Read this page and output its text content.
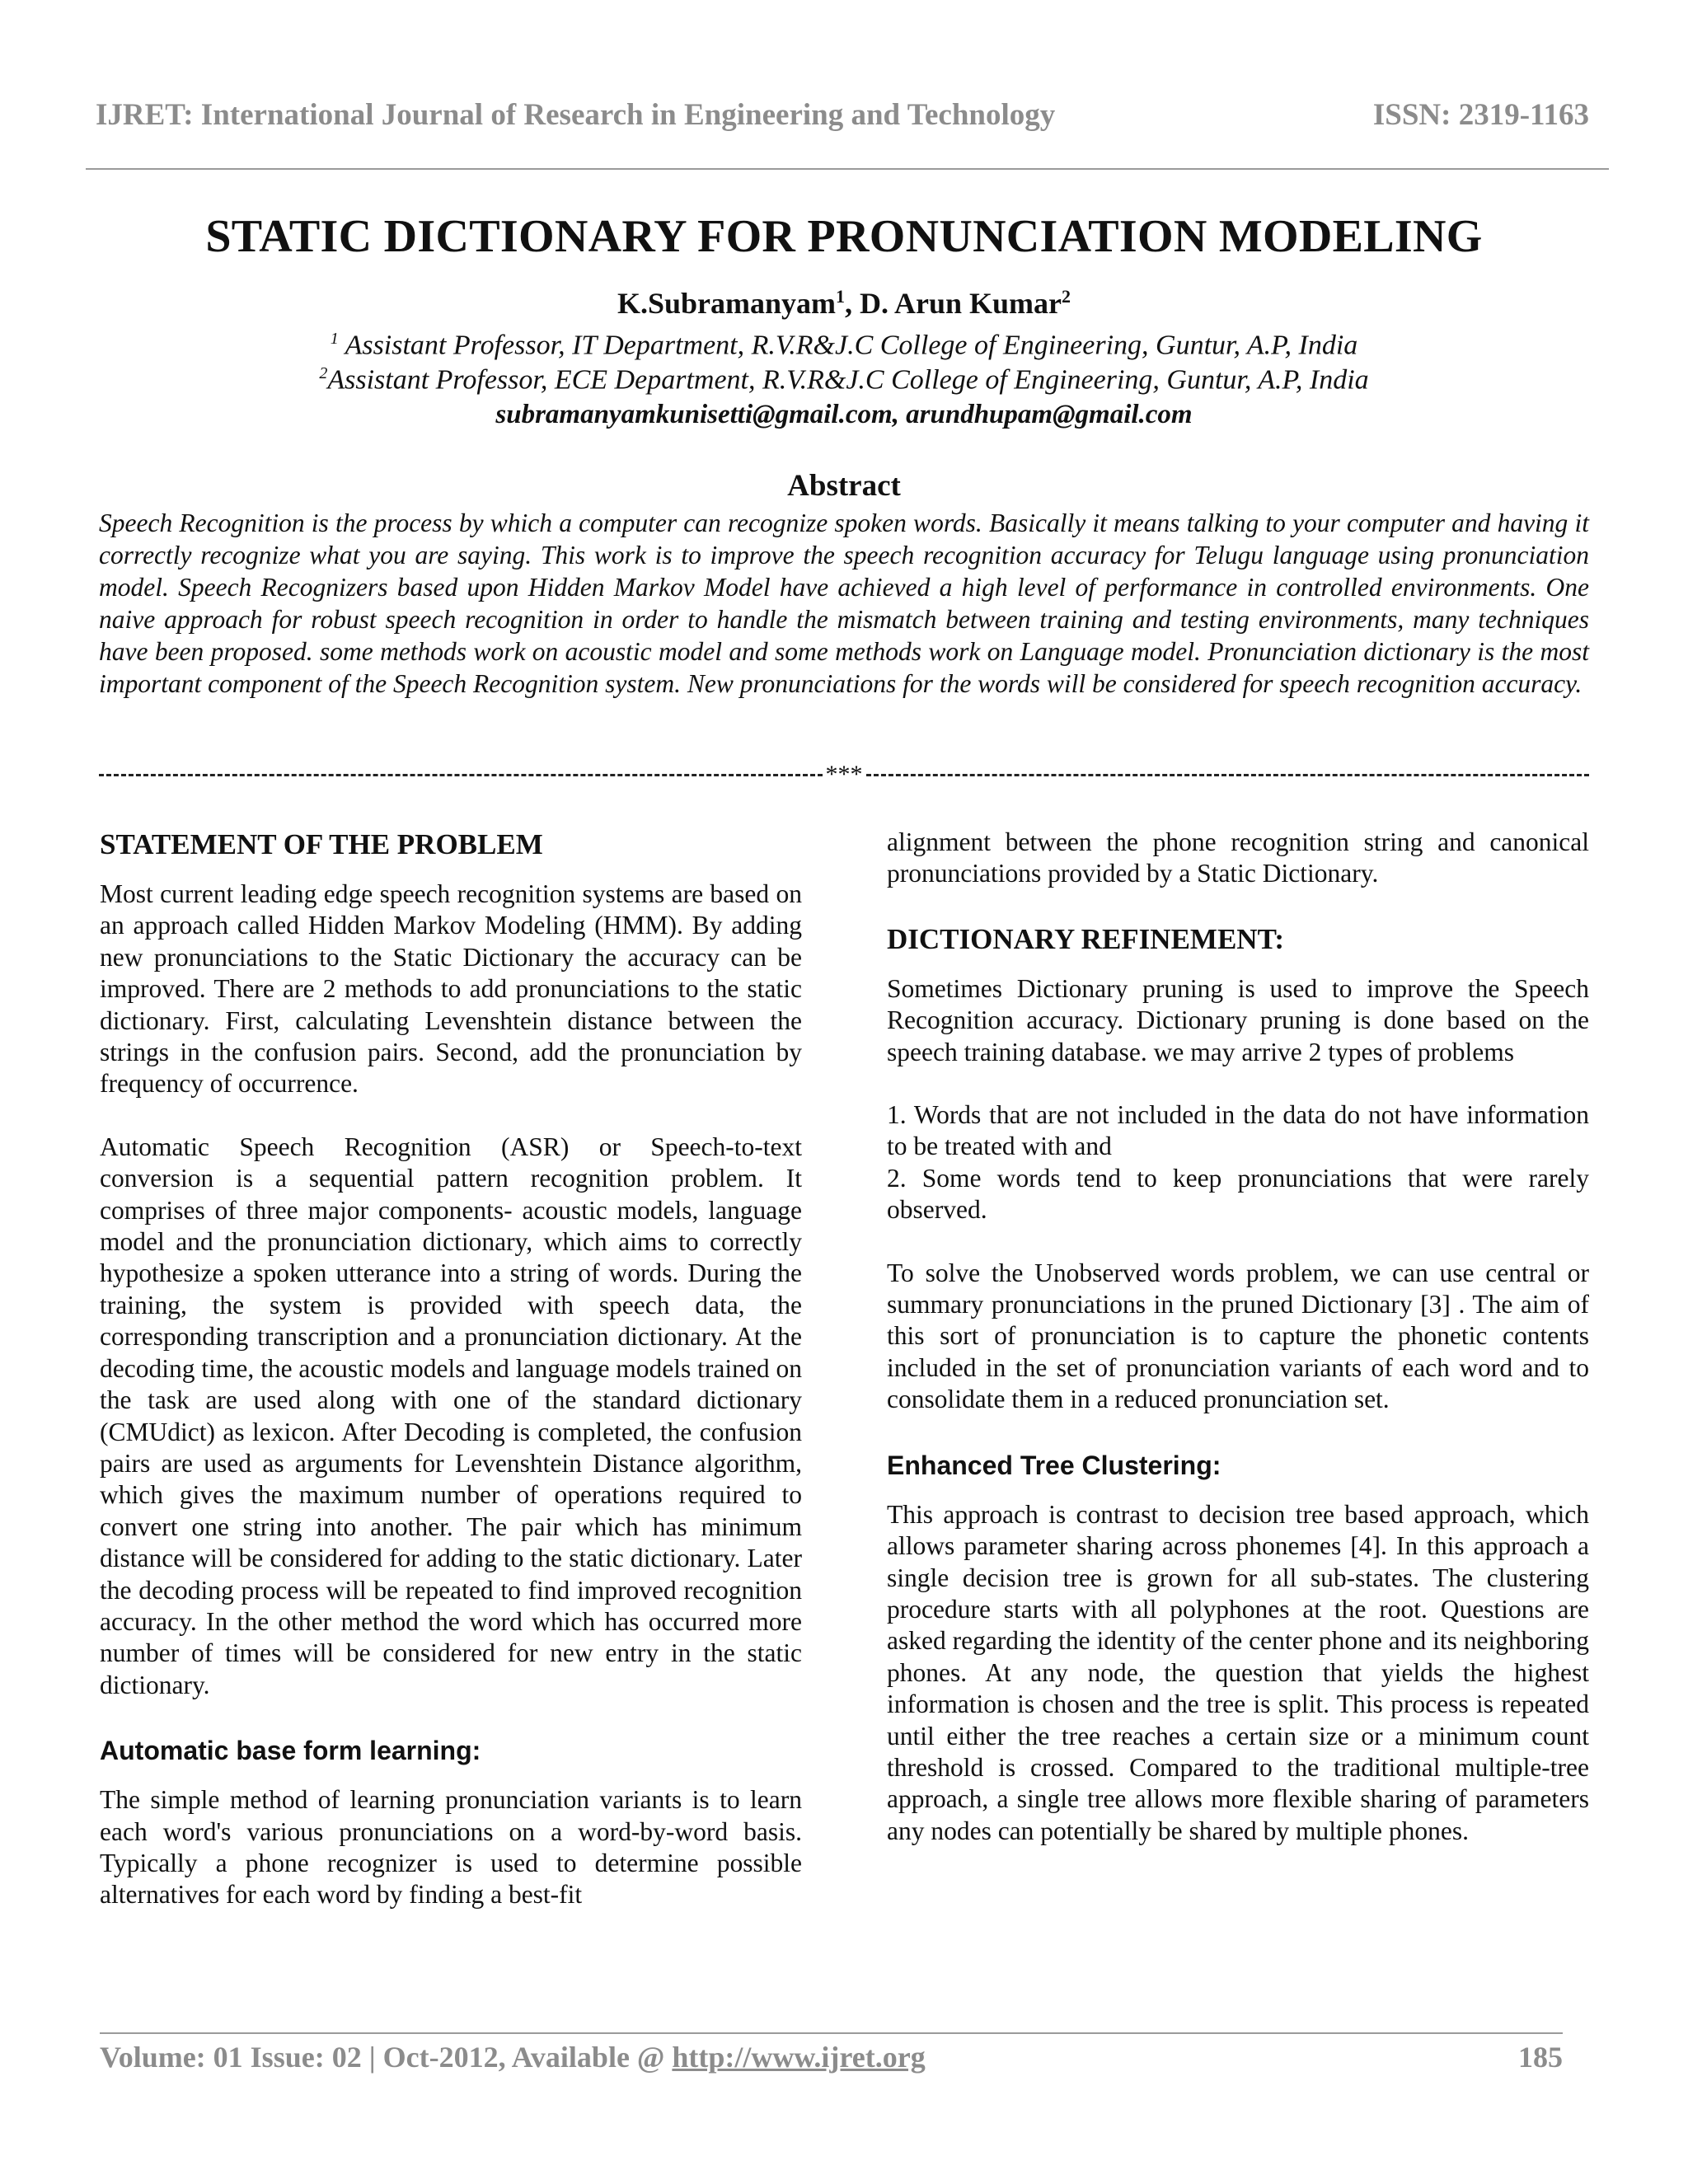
IJRET: International Journal of Research in Engineering and Technology	ISSN: 2319-1163
STATIC DICTIONARY FOR PRONUNCIATION MODELING
K.Subramanyam$^1$, D. Arun Kumar$^2$
$^1$ Assistant Professor, IT Department, R.V.R&J.C College of Engineering, Guntur, A.P, India
$^2$Assistant Professor, ECE Department, R.V.R&J.C College of Engineering, Guntur, A.P, India
subramanyamkunisetti@gmail.com, arundhupam@gmail.com
Abstract

Speech Recognition is the process by which a computer can recognize spoken words. Basically it means talking to your computer and having it correctly recognize what you are saying. This work is to improve the speech recognition accuracy for Telugu language using pronunciation model. Speech Recognizers based upon Hidden Markov Model have achieved a high level of performance in controlled environments. One naive approach for robust speech recognition in order to handle the mismatch between training and testing environments, many techniques have been proposed. some methods work on acoustic model and some methods work on Language model. Pronunciation dictionary is the most important component of the Speech Recognition system. New pronunciations for the words will be considered for speech recognition accuracy.

***
STATEMENT OF THE PROBLEM

Most current leading edge speech recognition systems are based on an approach called Hidden Markov Modeling (HMM). By adding new pronunciations to the Static Dictionary the accuracy can be improved. There are 2 methods to add pronunciations to the static dictionary. First, calculating Levenshtein distance between the strings in the confusion pairs. Second, add the pronunciation by frequency of occurrence.

Automatic Speech Recognition (ASR) or Speech-to-text conversion is a sequential pattern recognition problem. It comprises of three major components- acoustic models, language model and the pronunciation dictionary, which aims to correctly hypothesize a spoken utterance into a string of words. During the training, the system is provided with speech data, the corresponding transcription and a pronunciation dictionary. At the decoding time, the acoustic models and language models trained on the task are used along with one of the standard dictionary (CMUdict) as lexicon. After Decoding is completed, the confusion pairs are used as arguments for Levenshtein Distance algorithm, which gives the maximum number of operations required to convert one string into another. The pair which has minimum distance will be considered for adding to the static dictionary. Later the decoding process will be repeated to find improved recognition accuracy. In the other method the word which has occurred more number of times will be considered for new entry in the static dictionary.

Automatic base form learning:

The simple method of learning pronunciation variants is to learn each word's various pronunciations on a word-by-word basis. Typically a phone recognizer is used to determine possible alternatives for each word by finding a best-fit

alignment between the phone recognition string and canonical pronunciations provided by a Static Dictionary.

DICTIONARY REFINEMENT:

Sometimes Dictionary pruning is used to improve the Speech Recognition accuracy. Dictionary pruning is done based on the speech training database. we may arrive 2 types of problems

1. Words that are not included in the data do not have information to be treated with and

2. Some words tend to keep pronunciations that were rarely observed.

To solve the Unobserved words problem, we can use central or summary pronunciations in the pruned Dictionary [3] . The aim of this sort of pronunciation is to capture the phonetic contents included in the set of pronunciation variants of each word and to consolidate them in a reduced pronunciation set.

Enhanced Tree Clustering:

This approach is contrast to decision tree based approach, which allows parameter sharing across phonemes [4]. In this approach a single decision tree is grown for all sub-states. The clustering procedure starts with all polyphones at the root. Questions are asked regarding the identity of the center phone and its neighboring phones. At any node, the question that yields the highest information is chosen and the tree is split. This process is repeated until either the tree reaches a certain size or a minimum count threshold is crossed. Compared to the traditional multiple-tree approach, a single tree allows more flexible sharing of parameters any nodes can potentially be shared by multiple phones.

Volume: 01 Issue: 02 | Oct-2012, Available @ http://www.ijret.org	185
